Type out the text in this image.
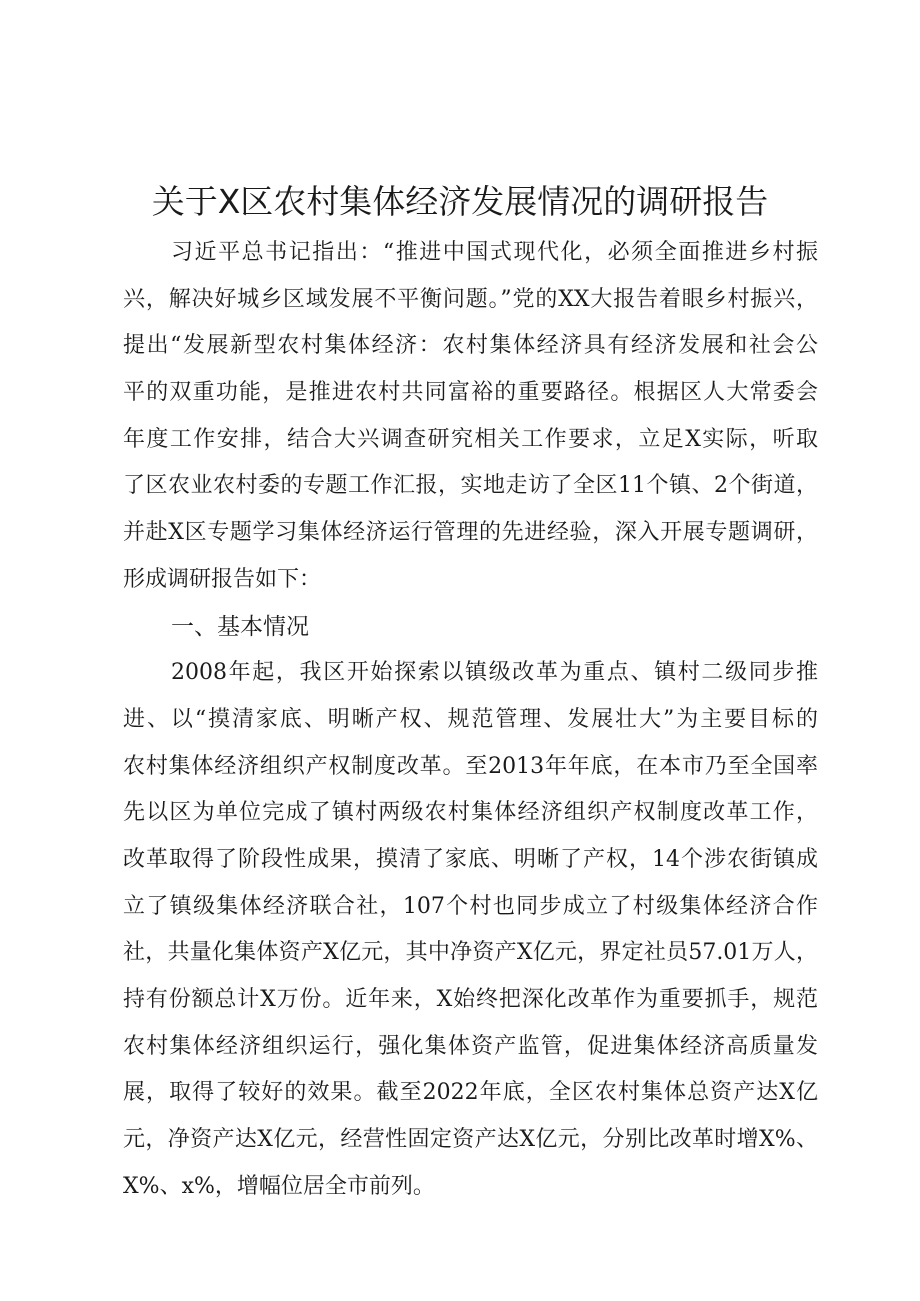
关于X区农村集体经济发展情况的调研报告
习近平总书记指出：“推进中国式现代化，必须全面推进乡村振
兴，解决好城乡区域发展不平衡问题。”党的XX大报告着眼乡村振兴，
提出“发展新型农村集体经济：农村集体经济具有经济发展和社会公
平的双重功能，是推进农村共同富裕的重要路径。根据区人大常委会
年度工作安排，结合大兴调查研究相关工作要求，立足X实际，听取
了区农业农村委的专题工作汇报，实地走访了全区11个镇、2个街道，
并赴X区专题学习集体经济运行管理的先进经验，深入开展专题调研，
形成调研报告如下：
一、基本情况
2008年起，我区开始探索以镇级改革为重点、镇村二级同步推
进、以“摸清家底、明晰产权、规范管理、发展壮大”为主要目标的
农村集体经济组织产权制度改革。至2013年年底，在本市乃至全国率
先以区为单位完成了镇村两级农村集体经济组织产权制度改革工作，
改革取得了阶段性成果，摸清了家底、明晰了产权，14个涉农街镇成
立了镇级集体经济联合社，107个村也同步成立了村级集体经济合作
社，共量化集体资产X亿元，其中净资产X亿元，界定社员57.01万人，
持有份额总计X万份。近年来，X始终把深化改革作为重要抓手，规范
农村集体经济组织运行，强化集体资产监管，促进集体经济高质量发
展，取得了较好的效果。截至2022年底，全区农村集体总资产达X亿
元，净资产达X亿元，经营性固定资产达X亿元，分别比改革时增X%、
X%、x%，增幅位居全市前列。
